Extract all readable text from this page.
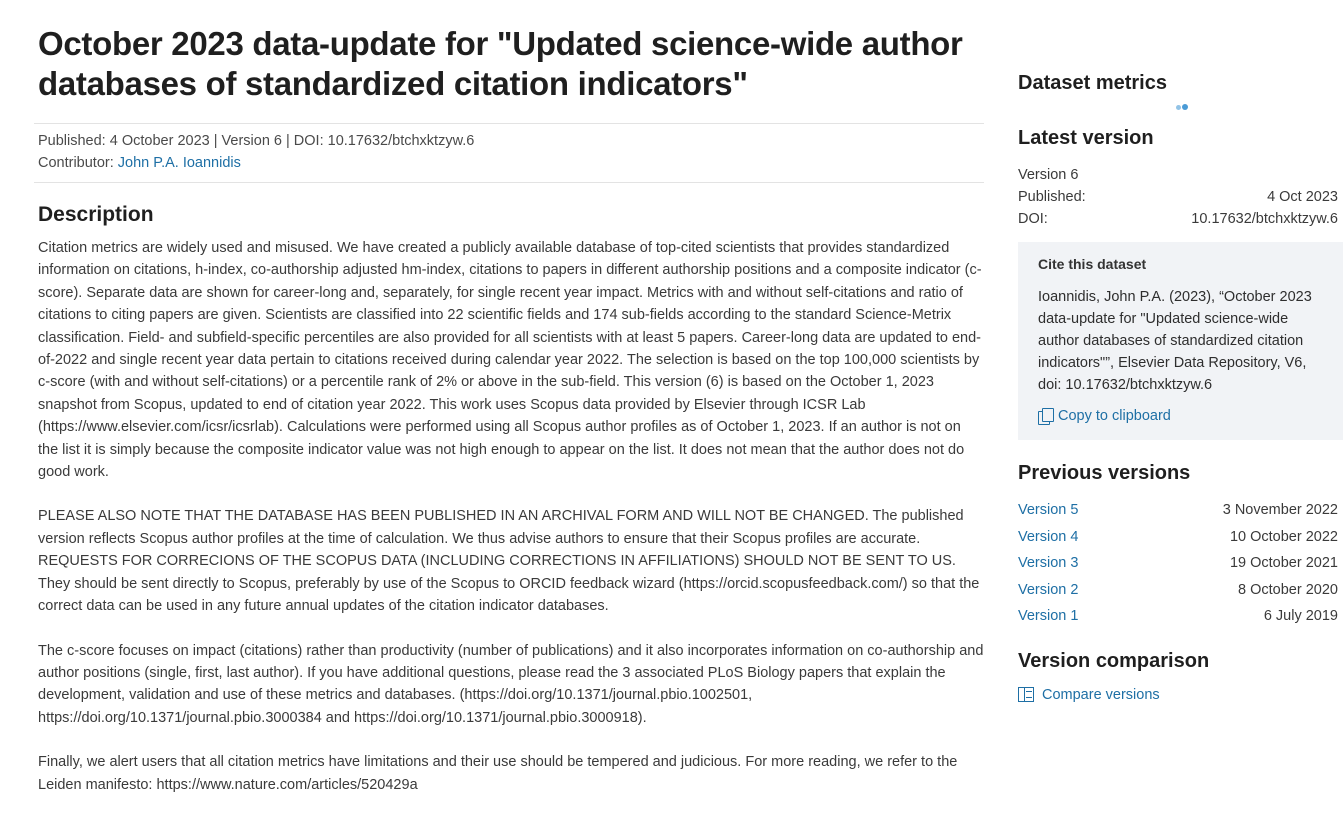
October 2023 data-update for "Updated science-wide author databases of standardized citation indicators"
Published: 4 October 2023 | Version 6 | DOI: 10.17632/btchxktzyw.6
Contributor: John P.A. Ioannidis
Description

Citation metrics are widely used and misused. We have created a publicly available database of top-cited scientists that provides standardized information on citations, h-index, co-authorship adjusted hm-index, citations to papers in different authorship positions and a composite indicator (c-score). Separate data are shown for career-long and, separately, for single recent year impact. Metrics with and without self-citations and ratio of citations to citing papers are given. Scientists are classified into 22 scientific fields and 174 sub-fields according to the standard Science-Metrix classification. Field- and subfield-specific percentiles are also provided for all scientists with at least 5 papers. Career-long data are updated to end-of-2022 and single recent year data pertain to citations received during calendar year 2022. The selection is based on the top 100,000 scientists by c-score (with and without self-citations) or a percentile rank of 2% or above in the sub-field. This version (6) is based on the October 1, 2023 snapshot from Scopus, updated to end of citation year 2022. This work uses Scopus data provided by Elsevier through ICSR Lab (https://www.elsevier.com/icsr/icsrlab). Calculations were performed using all Scopus author profiles as of October 1, 2023. If an author is not on the list it is simply because the composite indicator value was not high enough to appear on the list. It does not mean that the author does not do good work.

PLEASE ALSO NOTE THAT THE DATABASE HAS BEEN PUBLISHED IN AN ARCHIVAL FORM AND WILL NOT BE CHANGED. The published version reflects Scopus author profiles at the time of calculation. We thus advise authors to ensure that their Scopus profiles are accurate. REQUESTS FOR CORRECIONS OF THE SCOPUS DATA (INCLUDING CORRECTIONS IN AFFILIATIONS) SHOULD NOT BE SENT TO US. They should be sent directly to Scopus, preferably by use of the Scopus to ORCID feedback wizard (https://orcid.scopusfeedback.com/) so that the correct data can be used in any future annual updates of the citation indicator databases.

The c-score focuses on impact (citations) rather than productivity (number of publications) and it also incorporates information on co-authorship and author positions (single, first, last author). If you have additional questions, please read the 3 associated PLoS Biology papers that explain the development, validation and use of these metrics and databases. (https://doi.org/10.1371/journal.pbio.1002501, https://doi.org/10.1371/journal.pbio.3000384 and https://doi.org/10.1371/journal.pbio.3000918).

Finally, we alert users that all citation metrics have limitations and their use should be tempered and judicious. For more reading, we refer to the Leiden manifesto: https://www.nature.com/articles/520429a

Dataset metrics
Latest version
Version 6
Published:	4 Oct 2023
DOI:	10.17632/btchxktzyw.6
Cite this dataset
Ioannidis, John P.A. (2023), “October 2023 data-update for "Updated science-wide author databases of standardized citation indicators"”, Elsevier Data Repository, V6, doi: 10.17632/btchxktzyw.6
Copy to clipboard
Previous versions
Version 5	3 November 2022
Version 4	10 October 2022
Version 3	19 October 2021
Version 2	8 October 2020
Version 1	6 July 2019
Version comparison
Compare versions
